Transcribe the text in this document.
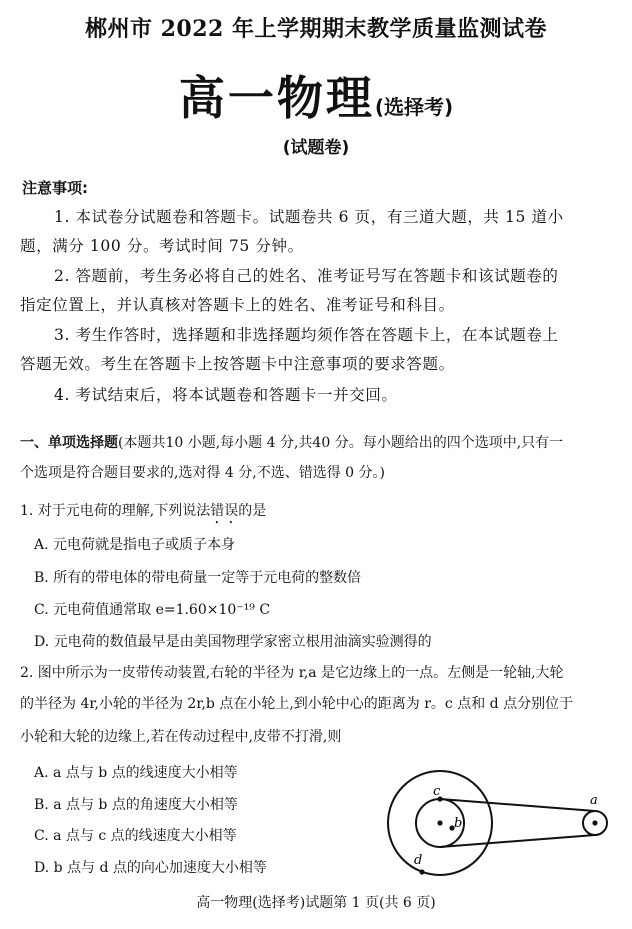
郴州市 2022 年上学期期末教学质量监测试卷
高一物理(选择考)
(试题卷)
注意事项:
1. 本试卷分试题卷和答题卡。试题卷共 6 页，有三道大题，共 15 道小
题，满分 100 分。考试时间 75 分钟。
2. 答题前，考生务必将自己的姓名、准考证号写在答题卡和该试题卷的
指定位置上，并认真核对答题卡上的姓名、准考证号和科目。
3. 考生作答时，选择题和非选择题均须作答在答题卡上，在本试题卷上
答题无效。考生在答题卡上按答题卡中注意事项的要求答题。
4. 考试结束后，将本试题卷和答题卡一并交回。
一、单项选择题(本题共10 小题,每小题 4 分,共40 分。每小题给出的四个选项中,只有一
个选项是符合题目要求的,选对得 4 分,不选、错选得 0 分。)
1. 对于元电荷的理解,下列说法错误的是
A. 元电荷就是指电子或质子本身
B. 所有的带电体的带电荷量一定等于元电荷的整数倍
C. 元电荷值通常取 e=1.60×10⁻¹⁹ C
D. 元电荷的数值最早是由美国物理学家密立根用油滴实验测得的
2. 图中所示为一皮带传动装置,右轮的半径为 r,a 是它边缘上的一点。左侧是一轮轴,大轮
的半径为 4r,小轮的半径为 2r,b 点在小轮上,到小轮中心的距离为 r。c 点和 d 点分别位于
小轮和大轮的边缘上,若在传动过程中,皮带不打滑,则
A. a 点与 b 点的线速度大小相等
B. a 点与 b 点的角速度大小相等
C. a 点与 c 点的线速度大小相等
D. b 点与 d 点的向心加速度大小相等
a
b
c
d
高一物理(选择考)试题第 1 页(共 6 页)
